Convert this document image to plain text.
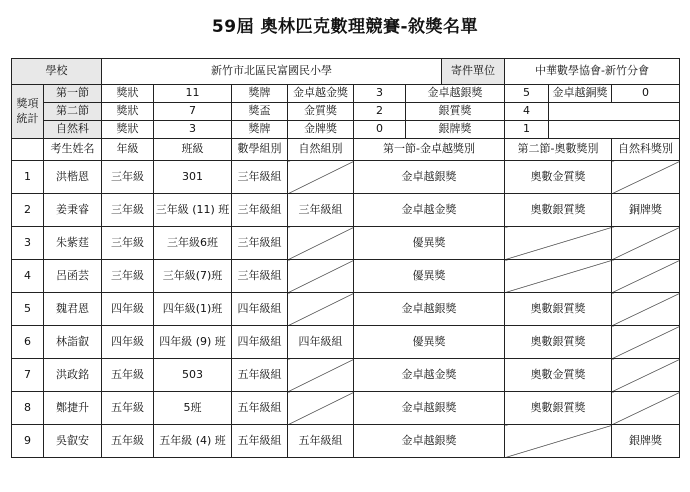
59屆 奧林匹克數理競賽-敘獎名單
學校		新竹市北區民富國民小學						寄件單位	中華數學協會-新竹分會		
獎項統計	第一節	獎狀	11	獎牌	金卓越金獎	3	金卓越銀獎		5	金卓越銅獎	0
	第二節	獎狀	7	獎盃	金質獎	2	銀質獎		4		
	自然科	獎狀	3	獎牌	金牌獎	0	銀牌獎		1		
	考生姓名	年級	班級	數學組別	自然組別	第一節-金卓越獎別			第二節-奧數獎別		自然科獎別
1	洪楷恩	三年級	301	三年級組		金卓越銀獎			奧數金質獎		
2	姜秉睿	三年級	三年級 (11) 班	三年級組	三年級組	金卓越金獎			奧數銀質獎		銅牌獎
3	朱紫莛	三年級	三年級6班	三年級組		優異獎					
4	呂函芸	三年級	三年級(7)班	三年級組		優異獎					
5	魏君恩	四年級	四年級(1)班	四年級組		金卓越銀獎			奧數銀質獎		
6	林詣叡	四年級	四年級 (9) 班	四年級組	四年級組	優異獎			奧數銀質獎		
7	洪政銘	五年級	503	五年級組		金卓越金獎			奧數金質獎		
8	鄭捷升	五年級	5班	五年級組		金卓越銀獎			奧數銀質獎		
9	吳叡安	五年級	五年級 (4) 班	五年級組	五年級組	金卓越銀獎					銀牌獎
